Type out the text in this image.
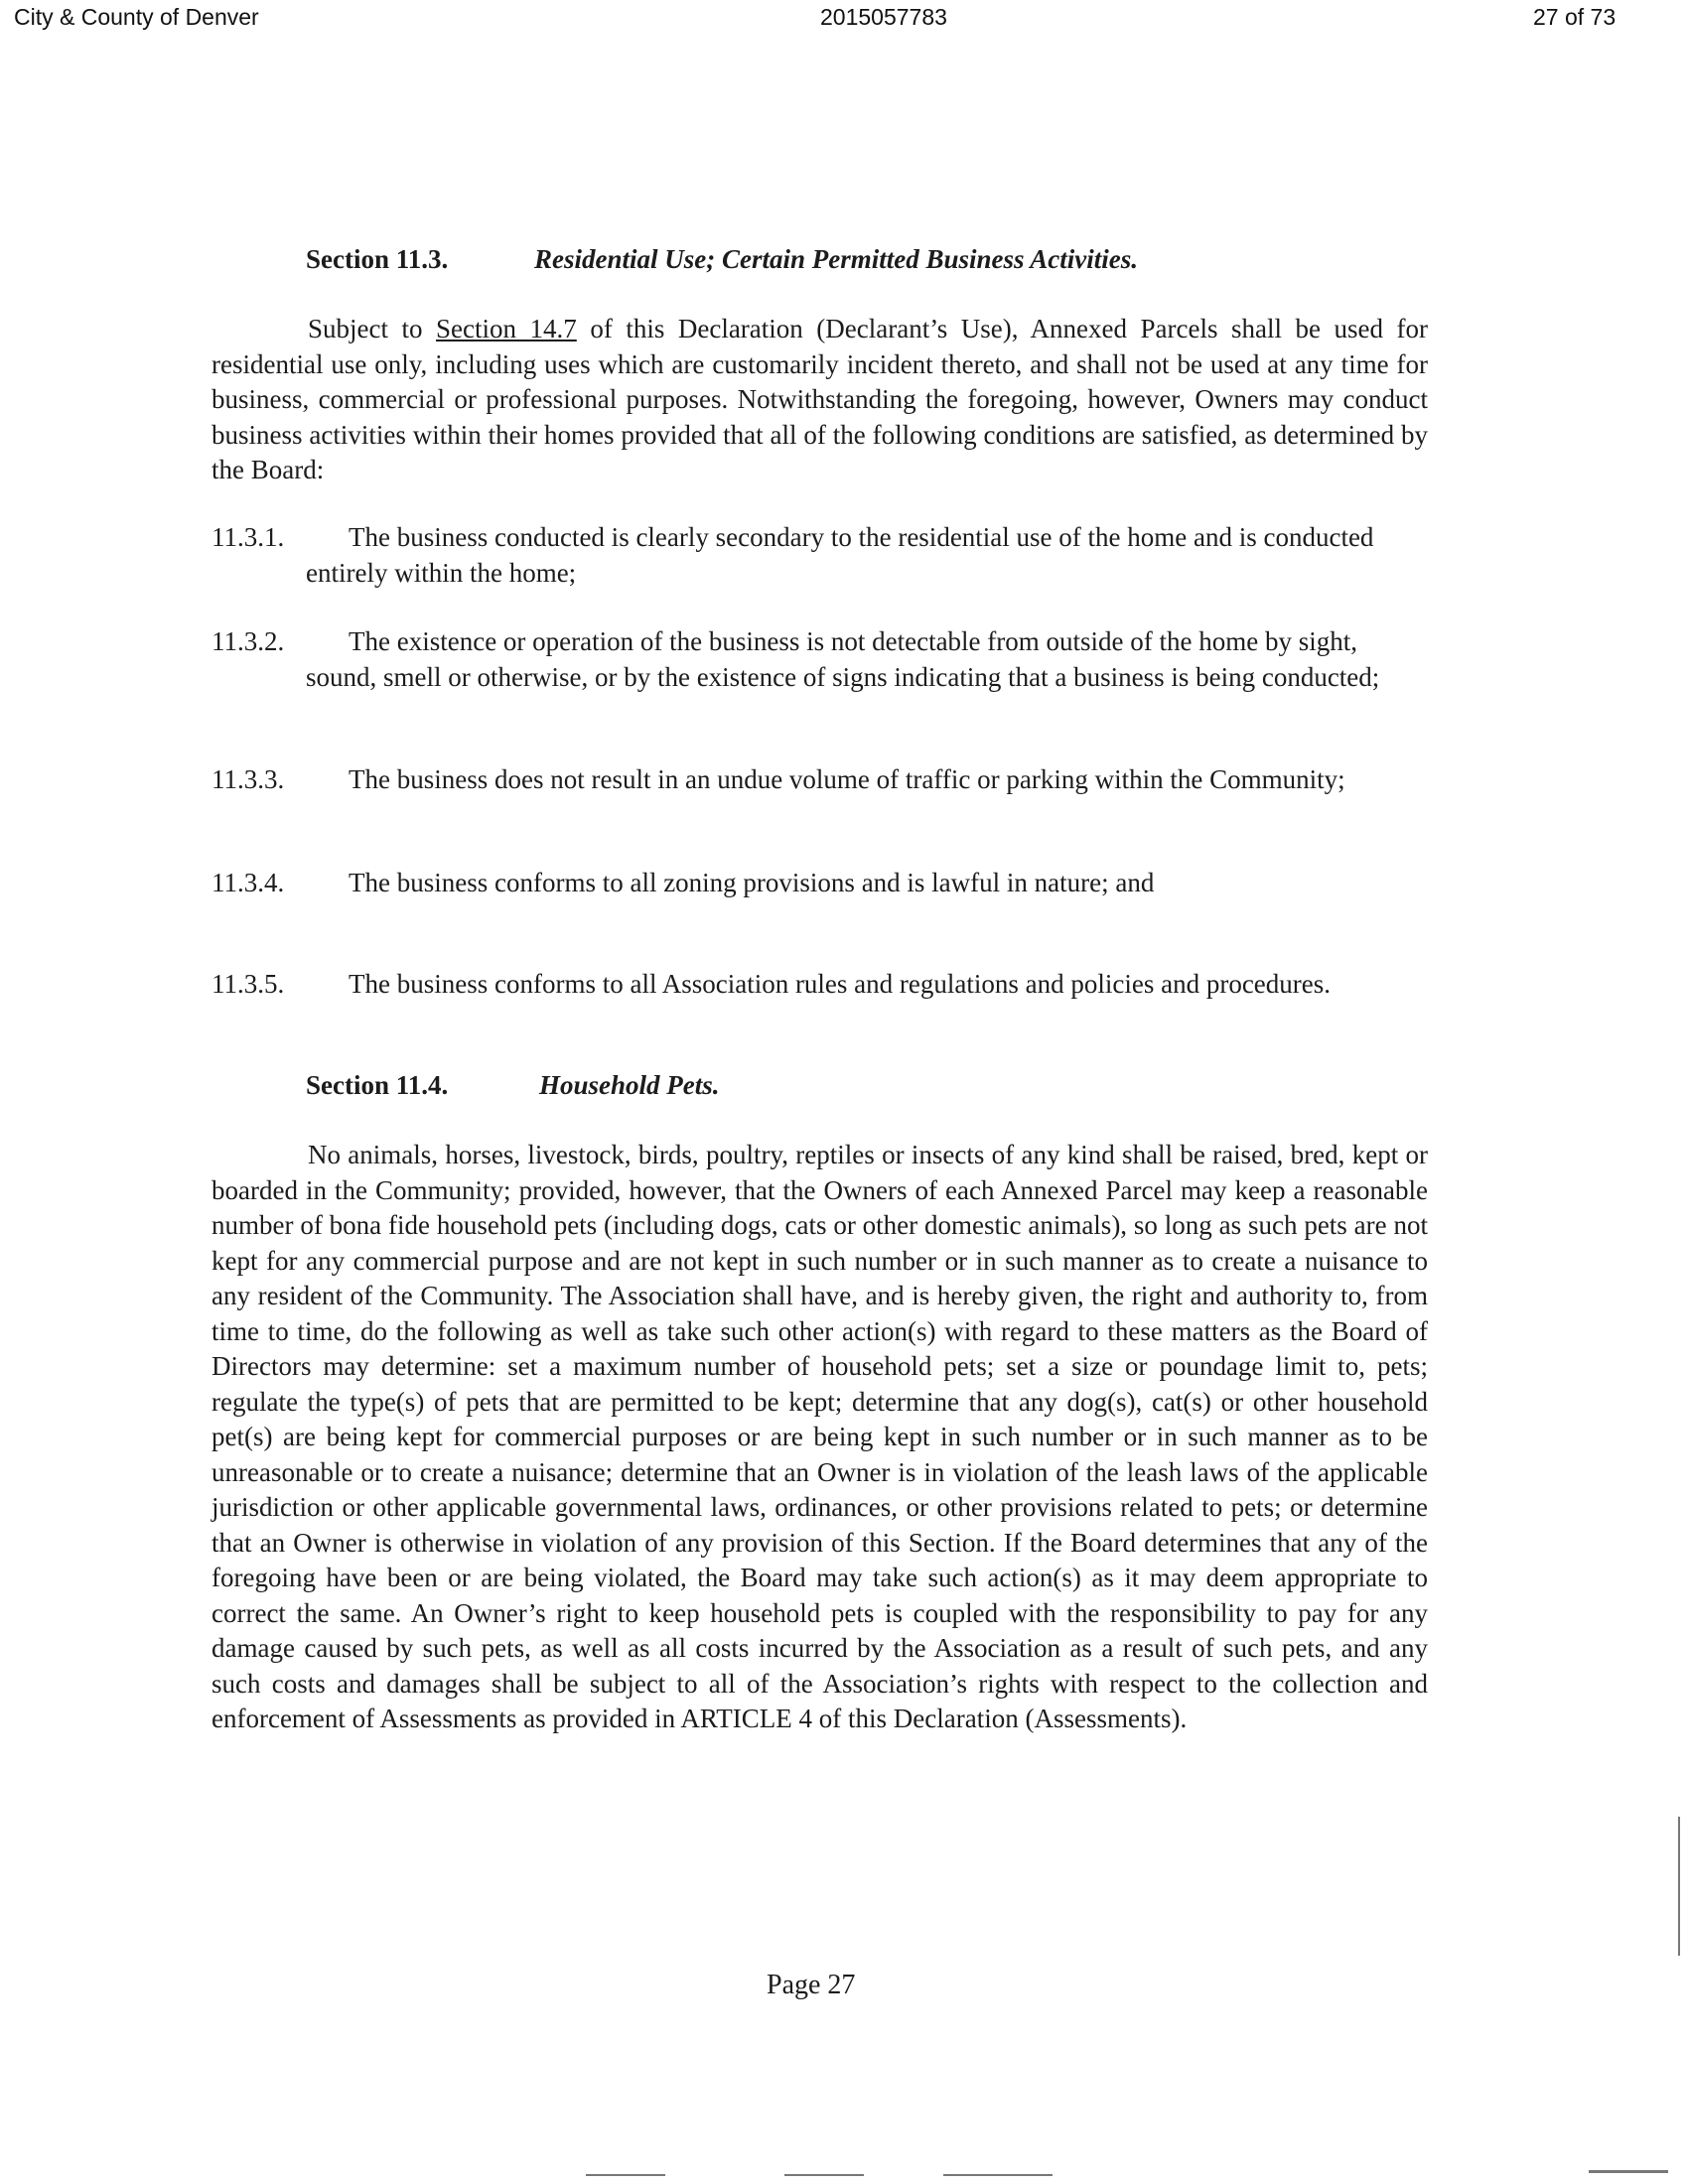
City & County of Denver	2015057783	27 of 73
Section 11.3.	Residential Use; Certain Permitted Business Activities.

Subject to Section 14.7 of this Declaration (Declarant’s Use), Annexed Parcels shall be used for residential use only, including uses which are customarily incident thereto, and shall not be used at any time for business, commercial or professional purposes. Notwithstanding the foregoing, however, Owners may conduct business activities within their homes provided that all of the following conditions are satisfied, as determined by the Board:

11.3.1. The business conducted is clearly secondary to the residential use of the home and is conducted entirely within the home;

11.3.2. The existence or operation of the business is not detectable from outside of the home by sight, sound, smell or otherwise, or by the existence of signs indicating that a business is being conducted;

11.3.3. The business does not result in an undue volume of traffic or parking within the Community;

11.3.4. The business conforms to all zoning provisions and is lawful in nature; and

11.3.5. The business conforms to all Association rules and regulations and policies and procedures.

Section 11.4.	Household Pets.

No animals, horses, livestock, birds, poultry, reptiles or insects of any kind shall be raised, bred, kept or boarded in the Community; provided, however, that the Owners of each Annexed Parcel may keep a reasonable number of bona fide household pets (including dogs, cats or other domestic animals), so long as such pets are not kept for any commercial purpose and are not kept in such number or in such manner as to create a nuisance to any resident of the Community. The Association shall have, and is hereby given, the right and authority to, from time to time, do the following as well as take such other action(s) with regard to these matters as the Board of Directors may determine: set a maximum number of household pets; set a size or poundage limit to, pets; regulate the type(s) of pets that are permitted to be kept; determine that any dog(s), cat(s) or other household pet(s) are being kept for commercial purposes or are being kept in such number or in such manner as to be unreasonable or to create a nuisance; determine that an Owner is in violation of the leash laws of the applicable jurisdiction or other applicable governmental laws, ordinances, or other provisions related to pets; or determine that an Owner is otherwise in violation of any provision of this Section. If the Board determines that any of the foregoing have been or are being violated, the Board may take such action(s) as it may deem appropriate to correct the same. An Owner’s right to keep household pets is coupled with the responsibility to pay for any damage caused by such pets, as well as all costs incurred by the Association as a result of such pets, and any such costs and damages shall be subject to all of the Association’s rights with respect to the collection and enforcement of Assessments as provided in ARTICLE 4 of this Declaration (Assessments).

Page 27
